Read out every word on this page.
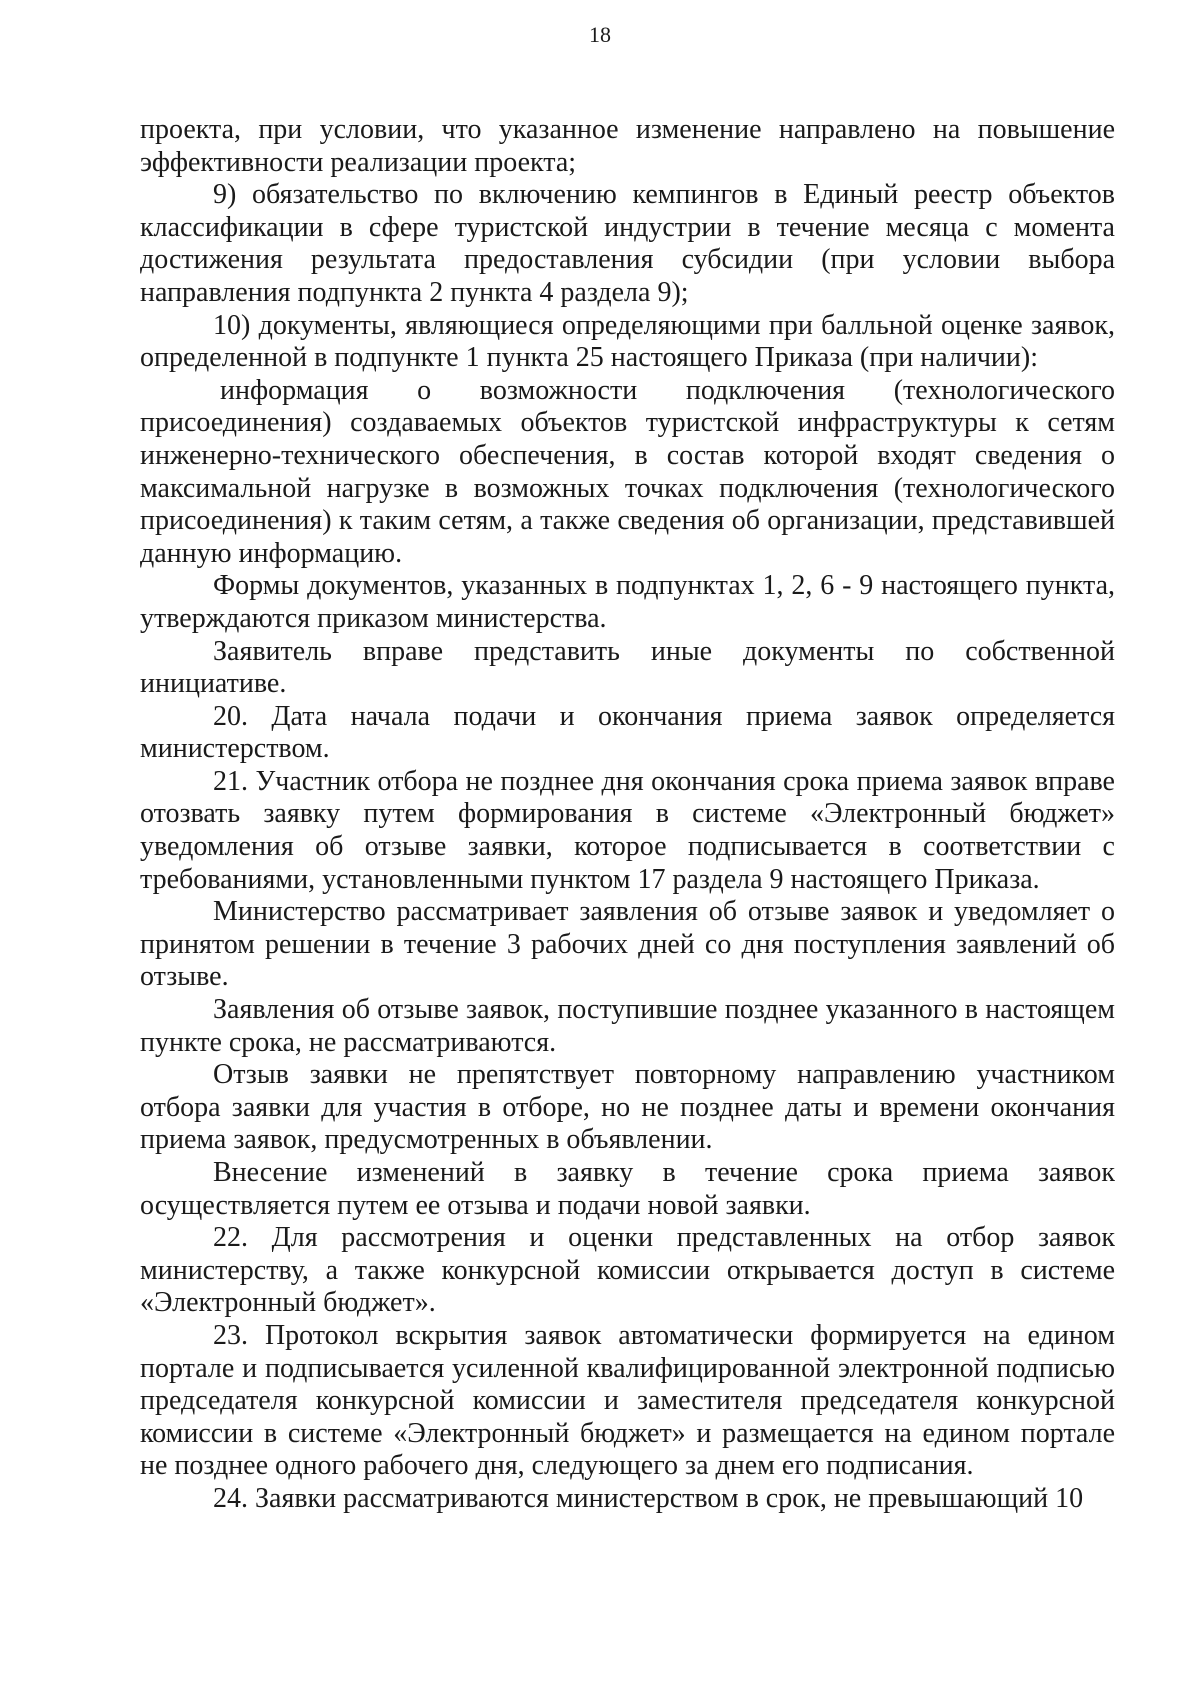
18

проекта, при условии, что указанное изменение направлено на повышение эффективности реализации проекта;

9) обязательство по включению кемпингов в Единый реестр объектов классификации в сфере туристской индустрии в течение месяца с момента достижения результата предоставления субсидии (при условии выбора направления подпункта 2 пункта 4 раздела 9);

10) документы, являющиеся определяющими при балльной оценке заявок, определенной в подпункте 1 пункта 25 настоящего Приказа (при наличии):

информация о возможности подключения (технологического присоединения) создаваемых объектов туристской инфраструктуры к сетям инженерно-технического обеспечения, в состав которой входят сведения о максимальной нагрузке в возможных точках подключения (технологического присоединения) к таким сетям, а также сведения об организации, представившей данную информацию.

Формы документов, указанных в подпунктах 1, 2, 6 - 9 настоящего пункта, утверждаются приказом министерства.

Заявитель вправе представить иные документы по собственной инициативе.

20. Дата начала подачи и окончания приема заявок определяется министерством.

21. Участник отбора не позднее дня окончания срока приема заявок вправе отозвать заявку путем формирования в системе «Электронный бюджет» уведомления об отзыве заявки, которое подписывается в соответствии с требованиями, установленными пунктом 17 раздела 9 настоящего Приказа.

Министерство рассматривает заявления об отзыве заявок и уведомляет о принятом решении в течение 3 рабочих дней со дня поступления заявлений об отзыве.

Заявления об отзыве заявок, поступившие позднее указанного в настоящем пункте срока, не рассматриваются.

Отзыв заявки не препятствует повторному направлению участником отбора заявки для участия в отборе, но не позднее даты и времени окончания приема заявок, предусмотренных в объявлении.

Внесение изменений в заявку в течение срока приема заявок осуществляется путем ее отзыва и подачи новой заявки.

22. Для рассмотрения и оценки представленных на отбор заявок министерству, а также конкурсной комиссии открывается доступ в системе «Электронный бюджет».

23. Протокол вскрытия заявок автоматически формируется на едином портале и подписывается усиленной квалифицированной электронной подписью председателя конкурсной комиссии и заместителя председателя конкурсной комиссии в системе «Электронный бюджет» и размещается на едином портале не позднее одного рабочего дня, следующего за днем его подписания.

24. Заявки рассматриваются министерством в срок, не превышающий 10
